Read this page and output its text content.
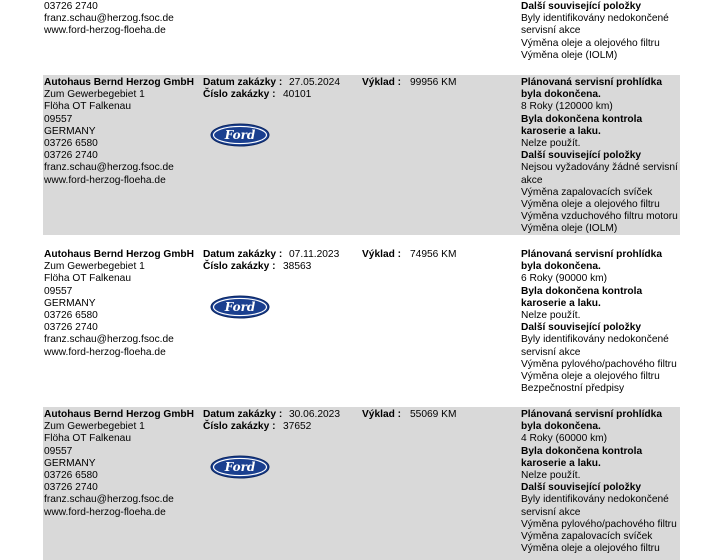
03726 2740
franz.schau@herzog.fsoc.de
www.ford-herzog-floeha.de
Další související položky
Byly identifikovány nedokončené servisní akce
Výměna oleje a olejového filtru
Výměna oleje (IOLM)
Autohaus Bernd Herzog GmbH
Zum Gewerbegebiet 1
Flöha OT Falkenau
09557
GERMANY
03726 6580
03726 2740
franz.schau@herzog.fsoc.de
www.ford-herzog-floeha.de
Datum zakázky : 27.05.2024
Číslo zakázky : 40101
Výklad : 99956 KM
Ford
Plánovaná servisní prohlídka byla dokončena.
8 Roky (120000 km)
Byla dokončena kontrola karoserie a laku.
Nelze použít.
Další související položky
Nejsou vyžadovány žádné servisní akce
Výměna zapalovacích svíček
Výměna oleje a olejového filtru
Výměna vzduchového filtru motoru
Výměna oleje (IOLM)
Autohaus Bernd Herzog GmbH
Zum Gewerbegebiet 1
Flöha OT Falkenau
09557
GERMANY
03726 6580
03726 2740
franz.schau@herzog.fsoc.de
www.ford-herzog-floeha.de
Datum zakázky : 07.11.2023
Číslo zakázky : 38563
Výklad : 74956 KM
Ford
Plánovaná servisní prohlídka byla dokončena.
6 Roky (90000 km)
Byla dokončena kontrola karoserie a laku.
Nelze použít.
Další související položky
Byly identifikovány nedokončené servisní akce
Výměna pylového/pachového filtru
Výměna oleje a olejového filtru
Bezpečnostní předpisy
Autohaus Bernd Herzog GmbH
Zum Gewerbegebiet 1
Flöha OT Falkenau
09557
GERMANY
03726 6580
03726 2740
franz.schau@herzog.fsoc.de
www.ford-herzog-floeha.de
Datum zakázky : 30.06.2023
Číslo zakázky : 37652
Výklad : 55069 KM
Ford
Plánovaná servisní prohlídka byla dokončena.
4 Roky (60000 km)
Byla dokončena kontrola karoserie a laku.
Nelze použít.
Další související položky
Byly identifikovány nedokončené servisní akce
Výměna pylového/pachového filtru
Výměna zapalovacích svíček
Výměna oleje a olejového filtru
